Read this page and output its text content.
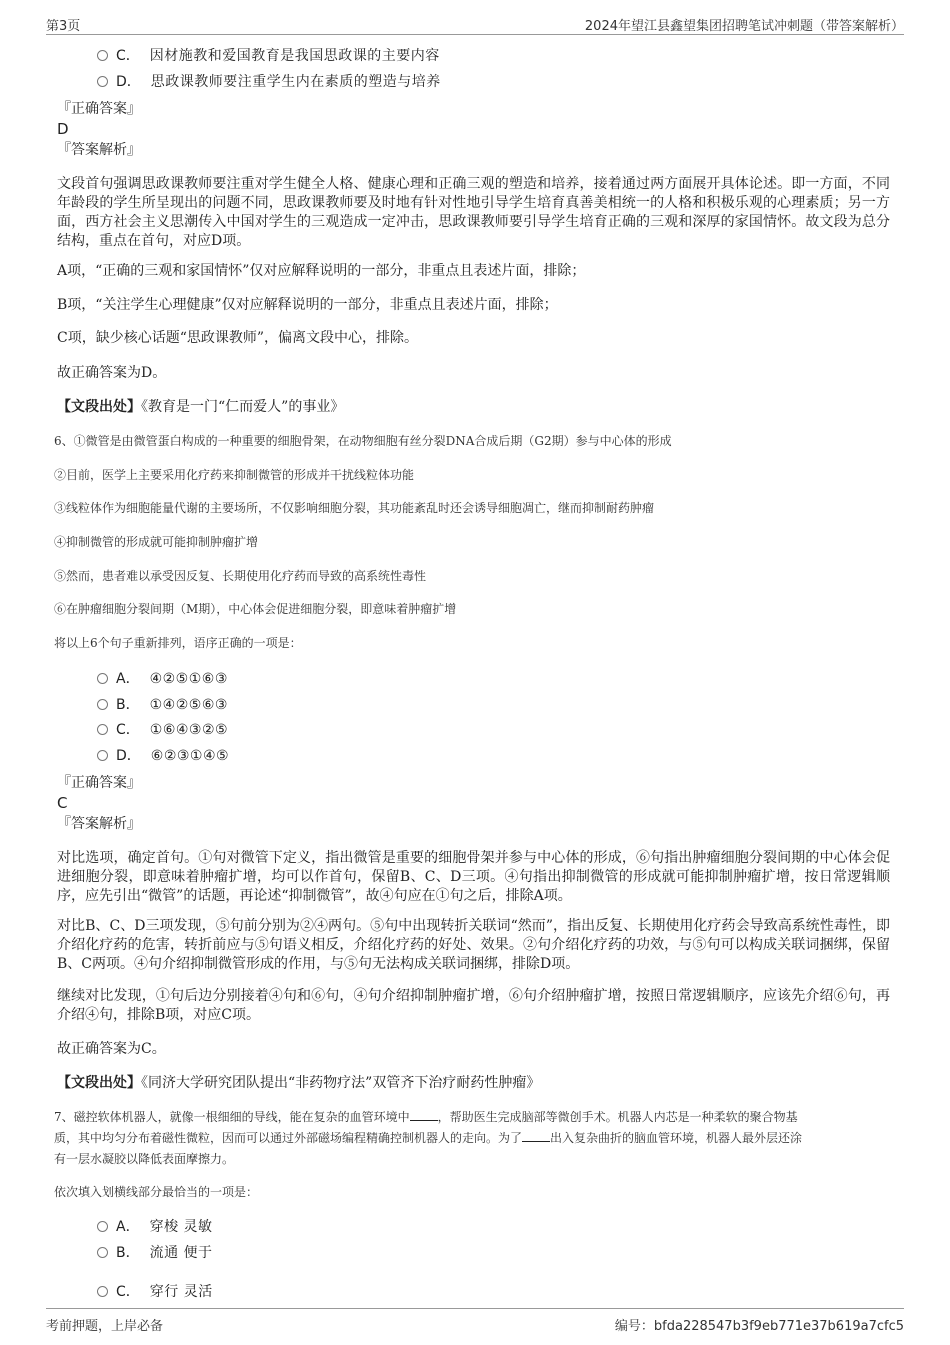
第3页	2024年望江县鑫望集团招聘笔试冲刺题（带答案解析）
C． 因材施教和爱国教育是我国思政课的主要内容
D． 思政课教师要注重学生内在素质的塑造与培养
『正确答案』
D
『答案解析』

文段首句强调思政课教师要注重对学生健全人格、健康心理和正确三观的塑造和培养，接着通过两方面展开具体论述。即一方面，不同年龄段的学生所呈现出的问题不同，思政课教师要及时地有针对性地引导学生培育真善美相统一的人格和积极乐观的心理素质；另一方面，西方社会主义思潮传入中国对学生的三观造成一定冲击，思政课教师要引导学生培育正确的三观和深厚的家国情怀。故文段为总分结构，重点在首句，对应D项。

A项，“正确的三观和家国情怀”仅对应解释说明的一部分，非重点且表述片面，排除；

B项，“关注学生心理健康”仅对应解释说明的一部分，非重点且表述片面，排除；

C项，缺少核心话题“思政课教师”，偏离文段中心，排除。

故正确答案为D。

【文段出处】《教育是一门“仁而爱人”的事业》

6、①微管是由微管蛋白构成的一种重要的细胞骨架，在动物细胞有丝分裂DNA合成后期（G2期）参与中心体的形成

②目前，医学上主要采用化疗药来抑制微管的形成并干扰线粒体功能

③线粒体作为细胞能量代谢的主要场所，不仅影响细胞分裂，其功能紊乱时还会诱导细胞凋亡，继而抑制耐药肿瘤

④抑制微管的形成就可能抑制肿瘤扩增

⑤然而，患者难以承受因反复、长期使用化疗药而导致的高系统性毒性

⑥在肿瘤细胞分裂间期（M期），中心体会促进细胞分裂，即意味着肿瘤扩增

将以上6个句子重新排列，语序正确的一项是：

A． ④②⑤①⑥③
B． ①④②⑤⑥③
C． ①⑥④③②⑤
D． ⑥②③①④⑤
『正确答案』
C
『答案解析』

对比选项，确定首句。①句对微管下定义，指出微管是重要的细胞骨架并参与中心体的形成，⑥句指出肿瘤细胞分裂间期的中心体会促进细胞分裂，即意味着肿瘤扩增，均可以作首句，保留B、C、D三项。④句指出抑制微管的形成就可能抑制肿瘤扩增，按日常逻辑顺序，应先引出“微管”的话题，再论述“抑制微管”，故④句应在①句之后，排除A项。

对比B、C、D三项发现，⑤句前分别为②④两句。⑤句中出现转折关联词“然而”，指出反复、长期使用化疗药会导致高系统性毒性，即介绍化疗药的危害，转折前应与⑤句语义相反，介绍化疗药的好处、效果。②句介绍化疗药的功效，与⑤句可以构成关联词捆绑，保留B、C两项。④句介绍抑制微管形成的作用，与⑤句无法构成关联词捆绑，排除D项。

继续对比发现，①句后边分别接着④句和⑥句，④句介绍抑制肿瘤扩增，⑥句介绍肿瘤扩增，按照日常逻辑顺序，应该先介绍⑥句，再介绍④句，排除B项，对应C项。

故正确答案为C。

【文段出处】《同济大学研究团队提出“非药物疗法”双管齐下治疗耐药性肿瘤》

7、磁控软体机器人，就像一根细细的导线，能在复杂的血管环境中 ，帮助医生完成脑部等微创手术。机器人内芯是一种柔软的聚合物基

质，其中均匀分布着磁性微粒，因而可以通过外部磁场编程精确控制机器人的走向。为了 出入复杂曲折的脑血管环境，机器人最外层还涂

有一层水凝胶以降低表面摩擦力。

依次填入划横线部分最恰当的一项是：

A． 穿梭 灵敏
B． 流通 便于
C． 穿行 灵活
考前押题，上岸必备	编号：bfda228547b3f9eb771e37b619a7cfc5
